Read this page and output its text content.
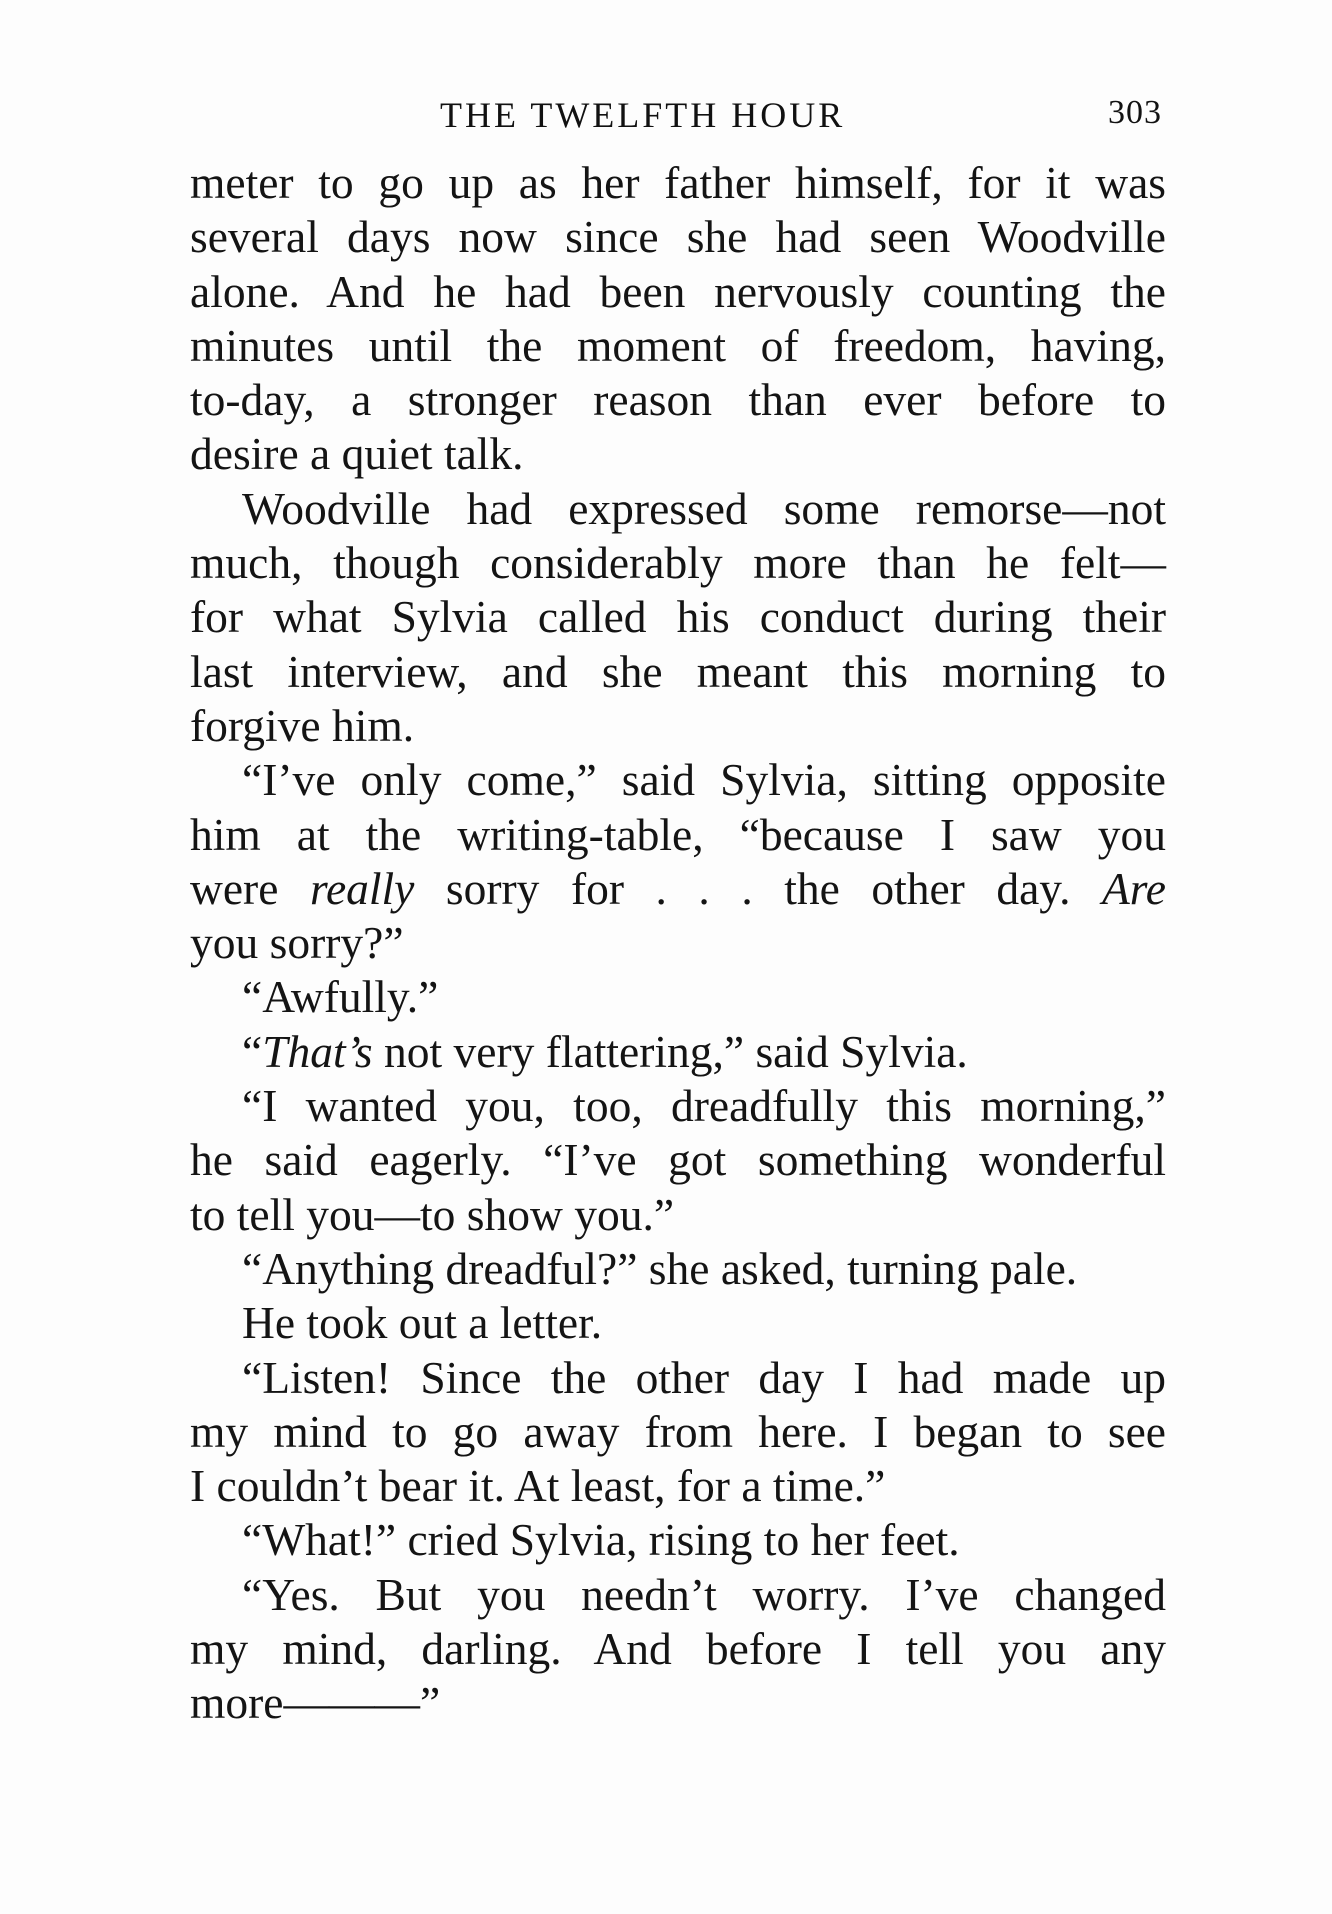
THE TWELFTH HOUR	303
meter to go up as her father himself, for it was
several days now since she had seen Woodville
alone. And he had been nervously counting the
minutes until the moment of freedom, having,
to-day, a stronger reason than ever before to
desire a quiet talk.
Woodville had expressed some remorse—not
much, though considerably more than he felt—
for what Sylvia called his conduct during their
last interview, and she meant this morning to
forgive him.
“I’ve only come,” said Sylvia, sitting opposite
him at the writing-table, “because I saw you
were really sorry for . . . the other day. Are
you sorry?”
“Awfully.”
“That’s not very flattering,” said Sylvia.
“I wanted you, too, dreadfully this morning,”
he said eagerly. “I’ve got something wonderful
to tell you—to show you.”
“Anything dreadful?” she asked, turning pale.
He took out a letter.
“Listen! Since the other day I had made up
my mind to go away from here. I began to see
I couldn’t bear it. At least, for a time.”
“What!” cried Sylvia, rising to her feet.
“Yes. But you needn’t worry. I’ve changed
my mind, darling. And before I tell you any
more———”
